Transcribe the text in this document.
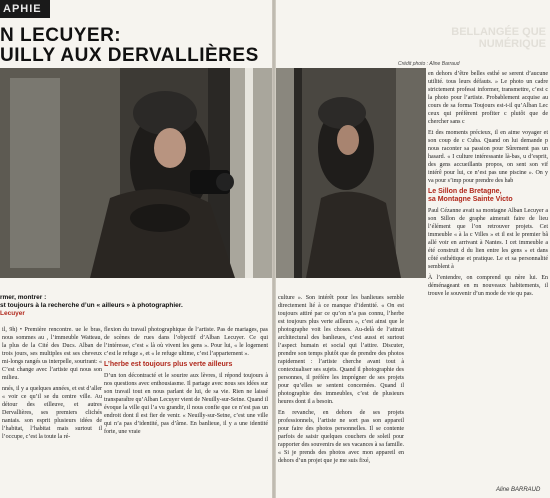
APHIE
N LECUYER:
UILLY AUX DERVALLIÈRES
rmer, montrer :
st toujours à la recherche d’un « ailleurs » à photographier.
Lecuyer

il, 9h) • Première rencontre. ue le bras, nous sommes au , l’immeuble Watteau, la plus de la Cité des Ducs. Alban de trois jours, ses multiples est ses cheveux mi-longs rangés us interpelle, sourirant: « C’est change avec l’artiste qui nous son milieu.

nnés, il y a quelques années, et est d’aller « voir ce qu’il se du centre ville. Au détour des eilleuve, et autres Dervallières, ses premiers clichés nantais. son esprit plusieurs idées de l’habitat, l’habitat mais surtout il l’occupe, c’est la toute la ré-

flexion du travail photographique de l’artiste. Pas de mariages, pas de scènes de rues dans l’objectif d’Alban Lecuyer. Ce qui l’intéresse, c’est « là où vivent les gens ». Pour lui, « le logement c’est le refuge », et « le refuge ultime, c’est l’appartement ».

L’herbe est toujours plus verte ailleurs

D’un ton décontracté et le sourire aux lèvres, il répond toujours à nos questions avec enthousiasme. Il partage avec nous ses idées sur son travail tout en nous parlant de lui, de sa vie. Rien ne laissé transparaître qu’Alban Lecuyer vient de Neuilly-sur-Seine. Quand il évoque la ville qui l’a vu grandir, il nous confie que ce n’est pas un endroit dont il est fier de venir. « Neuilly-sur-Seine, c’est une ville qui n’a pas d’identité, pas d’âme. En banlieue, il y a une identité forte, une vraie

BELLANGÉE QUE NUMÉRIQUE
Crédit photo : Aline Barraud

culture ». Son intérêt pour les banlieues semble directement lié à ce manque d’identité. « On est toujours attiré par ce qu’on n’a pas connu, l’herbe est toujours plus verte ailleurs », c’est ainsi que le photographe voit les choses. Au-delà de l’attrait architectural des banlieues, c’est aussi et surtout l’aspect humain et social qui l’attire. Discuter, prendre son temps plutôt que de prendre des photos rapidement : l’artiste cherche avant tout à contextualiser ses sujets. Quand il photographie des personnes, il préfère les imprégner de ses projets pour qu’elles se sentent concernées. Quand il photographie des immeubles, c’est de plusieurs heures dont il a besoin.

En revanche, en dehors de ses projets professionnels, l’artiste ne sort pas son appareil pour faire des photos personnelles. Il se contente parfois de saisir quelques couchers de soleil pour rapporter des souvenirs de ses vacances à sa famille. « Si je prends des photos avec mon appareil en dehors d’un projet que je me suis fixé,

en dehors d’être belles esthé se serent d’aucune utilité. tous leurs défauts. » Le photo un cadre strictement professi informer, transmettre, c’est c la photo pour l’artiste. Probablement acquise au cours de sa forma Toujours est-t-il qu’Alban Lec ceux qui préfèrent profiter c plutôt que de chercher sans c

Et des moments précieux, il en aime voyager et son coup de c Cuba. Quand on lui demande p nous raconter sa passion pour Sûrement pas un hasard. « I culture intéressante là-bas, u d’esprit, des gens accueillants propos, on sent son vif intérê pour lui, ce n’est pas une piscine ». On y va pour s’imp pour prendre des hab

Le Sillon de Bretagne,
sa Montagne Sainte Victo

Paul Cézanne avait sa montagne Alban Lecuyer a son Sillon de graphe aimerait faire de lieu l’élément que l’on retrouver projets. Cet immeuble « à la c Villes » et il est le premier bâ allé voir en arrivant à Nantes. I cet immeuble a été construit d du lien entre les gens » et dans côté esthétique et pratique. Le et sa personnalité semblent à

À l’entendre, on comprend qu nère lui. En déménageant en m nouveaux habitements, il trouve le souvenir d’un mode de vie qu pas.

Aline BARRAUD
